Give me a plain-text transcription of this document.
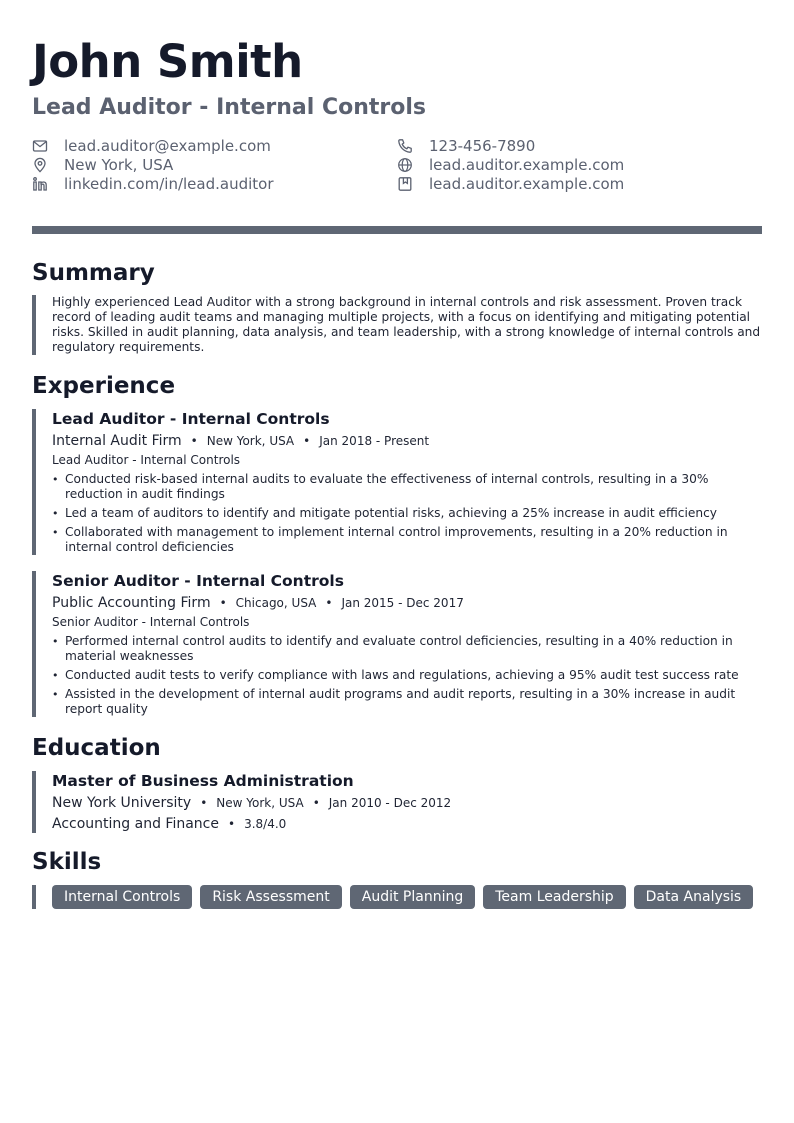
John Smith
Lead Auditor - Internal Controls
lead.auditor@example.com	123-456-7890
New York, USA	lead.auditor.example.com
linkedin.com/in/lead.auditor	lead.auditor.example.com
Summary
Highly experienced Lead Auditor with a strong background in internal controls and risk assessment. Proven track record of leading audit teams and managing multiple projects, with a focus on identifying and mitigating potential risks. Skilled in audit planning, data analysis, and team leadership, with a strong knowledge of internal controls and regulatory requirements.
Experience
Lead Auditor - Internal Controls
Internal Audit Firm • New York, USA • Jan 2018 - Present
Lead Auditor - Internal Controls
• Conducted risk-based internal audits to evaluate the effectiveness of internal controls, resulting in a 30% reduction in audit findings
• Led a team of auditors to identify and mitigate potential risks, achieving a 25% increase in audit efficiency
• Collaborated with management to implement internal control improvements, resulting in a 20% reduction in internal control deficiencies
Senior Auditor - Internal Controls
Public Accounting Firm • Chicago, USA • Jan 2015 - Dec 2017
Senior Auditor - Internal Controls
• Performed internal control audits to identify and evaluate control deficiencies, resulting in a 40% reduction in material weaknesses
• Conducted audit tests to verify compliance with laws and regulations, achieving a 95% audit test success rate
• Assisted in the development of internal audit programs and audit reports, resulting in a 30% increase in audit report quality
Education
Master of Business Administration
New York University • New York, USA • Jan 2010 - Dec 2012
Accounting and Finance • 3.8/4.0
Skills
Internal Controls	Risk Assessment	Audit Planning	Team Leadership	Data Analysis
